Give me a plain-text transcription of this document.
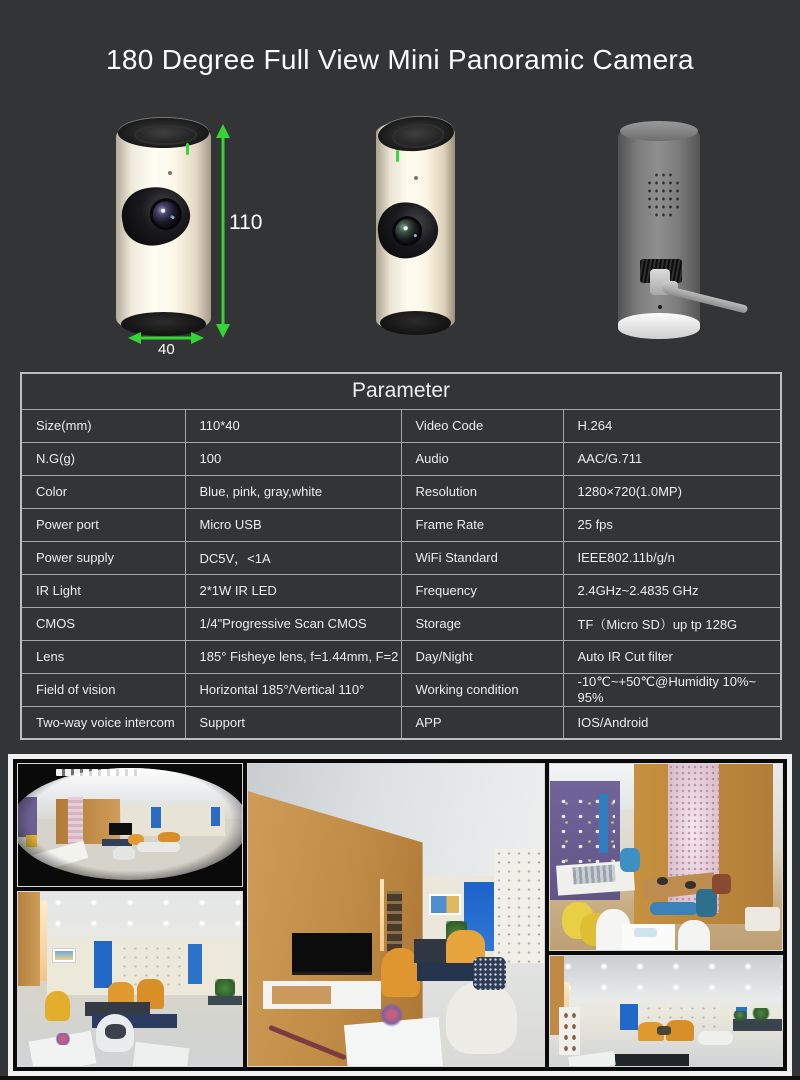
180 Degree Full View Mini Panoramic Camera
110
40
Parameter			
Size(mm)	110*40	Video Code	H.264
N.G(g)	100	Audio	AAC/G.711
Color	Blue, pink, gray,white	Resolution	1280×720(1.0MP)
Power port	Micro USB	Frame Rate	25 fps
Power supply	DC5V，<1A	WiFi Standard	IEEE802.11b/g/n
IR Light	2*1W IR LED	Frequency	2.4GHz~2.4835 GHz
CMOS	1/4"Progressive Scan CMOS	Storage	TF（Micro SD）up tp 128G
Lens	185° Fisheye lens, f=1.44mm, F=2	Day/Night	Auto IR Cut filter
Field of vision	Horizontal 185°/Vertical 110°	Working condition	-10℃~+50℃@Humidity 10%~ 95%
Two-way voice intercom	Support	APP	IOS/Android
